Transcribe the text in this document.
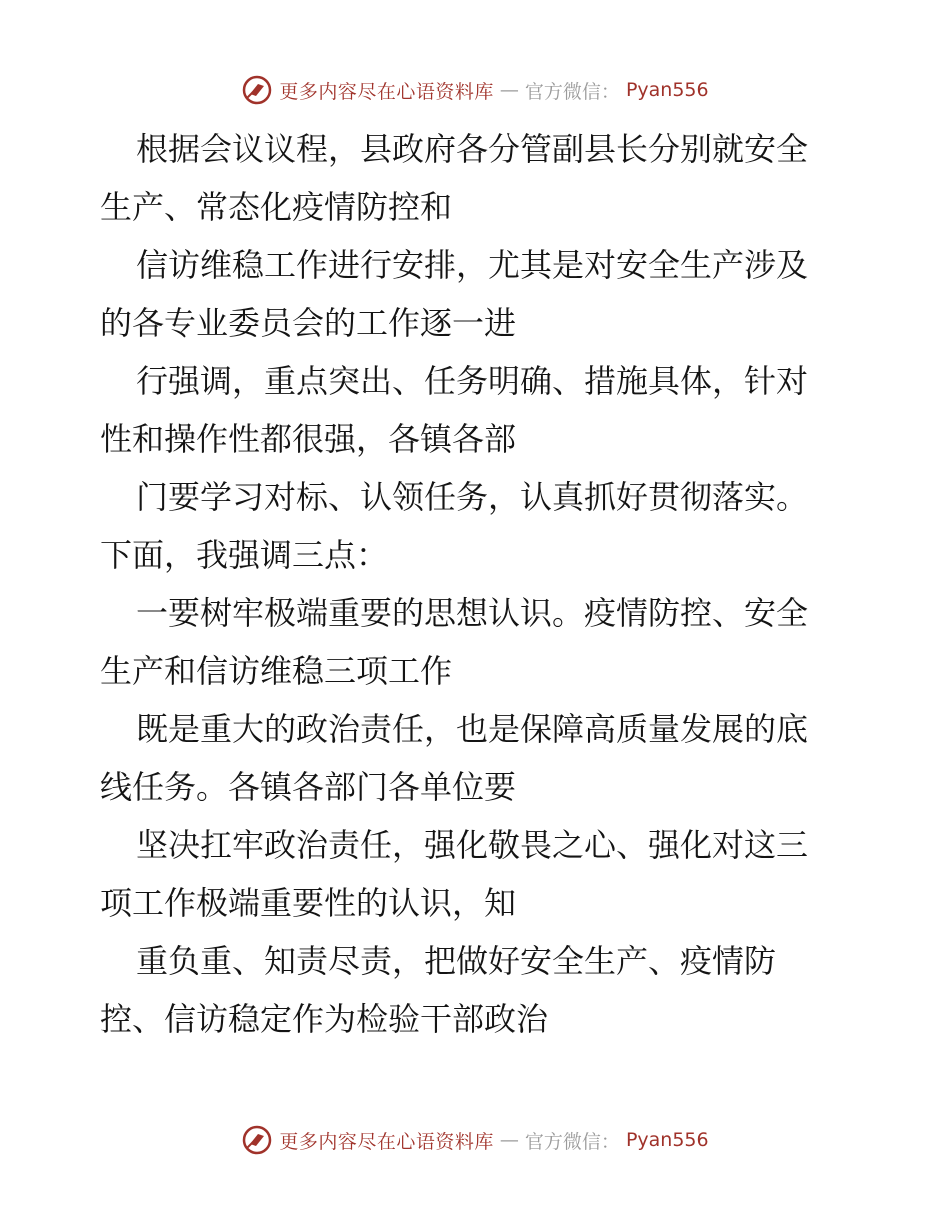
更多内容尽在心语资料库 — 官方微信： Pyan556
根据会议议程，县政府各分管副县长分别就安全
生产、常态化疫情防控和
信访维稳工作进行安排，尤其是对安全生产涉及
的各专业委员会的工作逐一进
行强调，重点突出、任务明确、措施具体，针对
性和操作性都很强，各镇各部
门要学习对标、认领任务，认真抓好贯彻落实。
下面，我强调三点：
一要树牢极端重要的思想认识。疫情防控、安全
生产和信访维稳三项工作
既是重大的政治责任，也是保障高质量发展的底
线任务。各镇各部门各单位要
坚决扛牢政治责任，强化敬畏之心、强化对这三
项工作极端重要性的认识，知
重负重、知责尽责，把做好安全生产、疫情防
控、信访稳定作为检验干部政治
更多内容尽在心语资料库 — 官方微信： Pyan556
